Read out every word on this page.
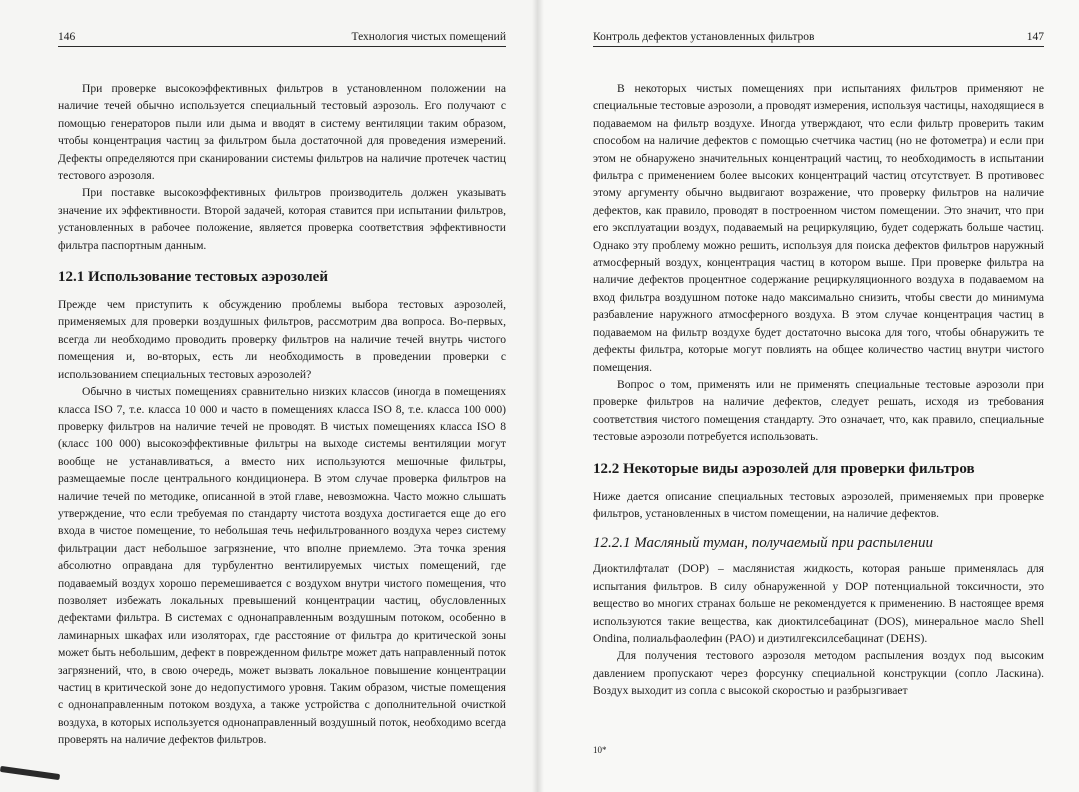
146	Технология чистых помещений

При проверке высокоэффективных фильтров в установленном положении на наличие течей обычно используется специальный тестовый аэрозоль. Его получают с помощью генераторов пыли или дыма и вводят в систему вентиляции таким образом, чтобы концентрация частиц за фильтром была достаточной для проведения измерений. Дефекты определяются при сканировании системы фильтров на наличие протечек частиц тестового аэрозоля.

При поставке высокоэффективных фильтров производитель должен указывать значение их эффективности. Второй задачей, которая ставится при испытании фильтров, установленных в рабочее положение, является проверка соответствия эффективности фильтра паспортным данным.

12.1 Использование тестовых аэрозолей

Прежде чем приступить к обсуждению проблемы выбора тестовых аэрозолей, применяемых для проверки воздушных фильтров, рассмотрим два вопроса. Во-первых, всегда ли необходимо проводить проверку фильтров на наличие течей внутрь чистого помещения и, во-вторых, есть ли необходимость в проведении проверки с использованием специальных тестовых аэрозолей?

Обычно в чистых помещениях сравнительно низких классов (иногда в помещениях класса ISO 7, т.е. класса 10 000 и часто в помещениях класса ISO 8, т.е. класса 100 000) проверку фильтров на наличие течей не проводят. В чистых помещениях класса ISO 8 (класс 100 000) высокоэффективные фильтры на выходе системы вентиляции могут вообще не устанавливаться, а вместо них используются мешочные фильтры, размещаемые после центрального кондиционера. В этом случае проверка фильтров на наличие течей по методике, описанной в этой главе, невозможна. Часто можно слышать утверждение, что если требуемая по стандарту чистота воздуха достигается еще до его входа в чистое помещение, то небольшая течь нефильтрованного воздуха через систему фильтрации даст небольшое загрязнение, что вполне приемлемо. Эта точка зрения абсолютно оправдана для турбулентно вентилируемых чистых помещений, где подаваемый воздух хорошо перемешивается с воздухом внутри чистого помещения, что позволяет избежать локальных превышений концентрации частиц, обусловленных дефектами фильтра. В системах с однонаправленным воздушным потоком, особенно в ламинарных шкафах или изоляторах, где расстояние от фильтра до критической зоны может быть небольшим, дефект в поврежденном фильтре может дать направленный поток загрязнений, что, в свою очередь, может вызвать локальное повышение концентрации частиц в критической зоне до недопустимого уровня. Таким образом, чистые помещения с однонаправленным потоком воздуха, а также устройства с дополнительной очисткой воздуха, в которых используется однонаправленный воздушный поток, необходимо всегда проверять на наличие дефектов фильтров.

Контроль дефектов установленных фильтров	147

В некоторых чистых помещениях при испытаниях фильтров применяют не специальные тестовые аэрозоли, а проводят измерения, используя частицы, находящиеся в подаваемом на фильтр воздухе. Иногда утверждают, что если фильтр проверить таким способом на наличие дефектов с помощью счетчика частиц (но не фотометра) и если при этом не обнаружено значительных концентраций частиц, то необходимость в испытании фильтра с применением более высоких концентраций частиц отсутствует. В противовес этому аргументу обычно выдвигают возражение, что проверку фильтров на наличие дефектов, как правило, проводят в построенном чистом помещении. Это значит, что при его эксплуатации воздух, подаваемый на рециркуляцию, будет содержать больше частиц. Однако эту проблему можно решить, используя для поиска дефектов фильтров наружный атмосферный воздух, концентрация частиц в котором выше. При проверке фильтра на наличие дефектов процентное содержание рециркуляционного воздуха в подаваемом на вход фильтра воздушном потоке надо максимально снизить, чтобы свести до минимума разбавление наружного атмосферного воздуха. В этом случае концентрация частиц в подаваемом на фильтр воздухе будет достаточно высока для того, чтобы обнаружить те дефекты фильтра, которые могут повлиять на общее количество частиц внутри чистого помещения.

Вопрос о том, применять или не применять специальные тестовые аэрозоли при проверке фильтров на наличие дефектов, следует решать, исходя из требования соответствия чистого помещения стандарту. Это означает, что, как правило, специальные тестовые аэрозоли потребуется использовать.

12.2 Некоторые виды аэрозолей для проверки фильтров

Ниже дается описание специальных тестовых аэрозолей, применяемых при проверке фильтров, установленных в чистом помещении, на наличие дефектов.

12.2.1 Масляный туман, получаемый при распылении

Диоктилфталат (DOP) – маслянистая жидкость, которая раньше применялась для испытания фильтров. В силу обнаруженной у DOP потенциальной токсичности, это вещество во многих странах больше не рекомендуется к применению. В настоящее время используются такие вещества, как диоктилсебацинат (DOS), минеральное масло Shell Ondina, полиальфаолефин (PAO) и диэтилгексилсебацинат (DEHS).

Для получения тестового аэрозоля методом распыления воздух под высоким давлением пропускают через форсунку специальной конструкции (сопло Ласкина). Воздух выходит из сопла с высокой скоростью и разбрызгивает

10*
